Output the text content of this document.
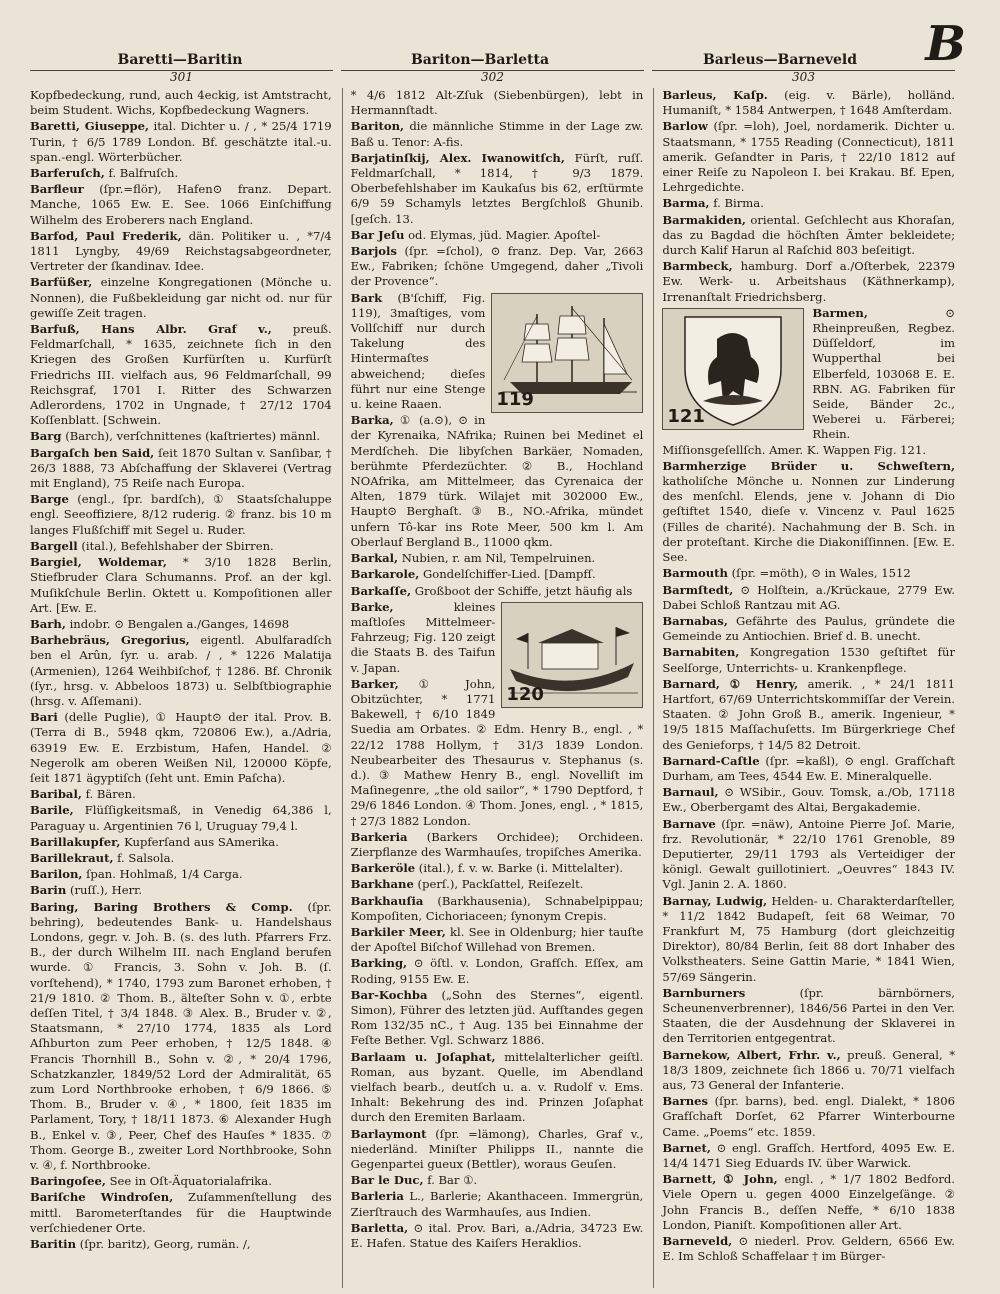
B
Baretti—Baritin	Bariton—Barletta	Barleus—Barneveld
301	302	303

Kopfbedeckung, rund, auch 4eckig, ist Amtstracht, beim Student. Wichs, Kopfbedeckung Wagners.

Baretti, Giuseppe, ital. Dichter u. / , * 25/4 1719 Turin, † 6/5 1789 London. Bf. geschätzte ital.-u. span.-engl. Wörterbücher.

Barferuſch, f. Balfruſch.

Barfleur (ſpr.=flör), Hafen⊙ franz. Depart. Manche, 1065 Ew. E. See. 1066 Einſchiffung Wilhelm des Eroberers nach England.

Barfod, Paul Frederik, dän. Politiker u. , *7/4 1811 Lyngby, 49/69 Reichstagsabgeordneter, Vertreter der ſkandinav. Idee.

Barfüßer, einzelne Kongregationen (Mönche u. Nonnen), die Fußbekleidung gar nicht od. nur für gewiſſe Zeit tragen.

Barfuß, Hans Albr. Graf v., preuß. Feldmarſchall, * 1635, zeichnete ſich in den Kriegen des Großen Kurfürſten u. Kurfürſt Friedrichs III. vielfach aus, 96 Feldmarſchall, 99 Reichsgraf, 1701 I. Ritter des Schwarzen Adlerordens, 1702 in Ungnade, † 27/12 1704 Koſſenblatt. [Schwein.

Barg (Barch), verſchnittenes (kaſtriertes) männl.

Bargaſch ben Said, ſeit 1870 Sultan v. Sanſibar, † 26/3 1888, 73 Abſchaffung der Sklaverei (Vertrag mit England), 75 Reiſe nach Europa.

Barge (engl., ſpr. bardſch), ① Staatsſchaluppe engl. Seeoffiziere, 8/12 ruderig. ② franz. bis 10 m langes Flußſchiff mit Segel u. Ruder.

Bargell (ital.), Befehlshaber der Sbirren.

Bargiel, Woldemar, * 3/10 1828 Berlin, Stiefbruder Clara Schumanns. Prof. an der kgl. Muſikſchule Berlin. Oktett u. Kompoſitionen aller Art. [Ew. E.

Barh, indobr. ⊙ Bengalen a./Ganges, 14698

Barhebräus, Gregorius, eigentl. Abulfaradſch ben el Arûn, ſyr. u. arab. / , * 1226 Malatija (Armenien), 1264 Weihbiſchof, † 1286. Bf. Chronik (ſyr., hrsg. v. Abbeloos 1873) u. Selbſtbiographie (hrsg. v. Aſſemani).

Bari (delle Puglie), ① Haupt⊙ der ital. Prov. B. (Terra di B., 5948 qkm, 720806 Ew.), a./Adria, 63919 Ew. E. Erzbistum, Hafen, Handel. ② Negerolk am oberen Weißen Nil, 120000 Köpfe, ſeit 1871 ägyptiſch (ſeht unt. Emin Paſcha).

Baribal, f. Bären.

Barile, Flüſſigkeitsmaß, in Venedig 64,386 l, Paraguay u. Argentinien 76 l, Uruguay 79,4 l.

Barillakupfer, Kupferſand aus SAmerika.

Barillekraut, f. Salsola.

Barilon, ſpan. Hohlmaß, 1/4 Carga.

Barin (ruſſ.), Herr.

Baring, Baring Brothers & Comp. (ſpr. behring), bedeutendes Bank- u. Handelshaus Londons, gegr. v. Joh. B. (s. des luth. Pfarrers Frz. B., der durch Wilhelm III. nach England berufen wurde. ① Francis, 3. Sohn v. Joh. B. (ſ. vorſtehend), * 1740, 1793 zum Baronet erhoben, † 21/9 1810. ② Thom. B., älteſter Sohn v. ①, erbte deſſen Titel, † 3/4 1848. ③ Alex. B., Bruder v. ②, Staatsmann, * 27/10 1774, 1835 als Lord Aſhburton zum Peer erhoben, † 12/5 1848. ④ Francis Thornhill B., Sohn v. ②, * 20/4 1796, Schatzkanzler, 1849/52 Lord der Admiralität, 65 zum Lord Northbrooke erhoben, † 6/9 1866. ⑤ Thom. B., Bruder v. ④, * 1800, ſeit 1835 im Parlament, Tory, † 18/11 1873. ⑥ Alexander Hugh B., Enkel v. ③, Peer, Chef des Hauſes * 1835. ⑦ Thom. George B., zweiter Lord Northbrooke, Sohn v. ④, f. Northbrooke.

Baringoſee, See in Oſt-Äquatorialafrika.

Bariſche Windroſen, Zuſammenſtellung des mittl. Barometerſtandes für die Hauptwinde verſchiedener Orte.

Baritin (ſpr. baritz), Georg, rumän. /,

* 4/6 1812 Alt-Zſuk (Siebenbürgen), lebt in Hermannſtadt.

Bariton, die männliche Stimme in der Lage zw. Baß u. Tenor: A-fis.

Barjatinſkij, Alex. Iwanowitſch, Fürſt, ruſſ. Feldmarſchall, * 1814, † 9/3 1879. Oberbefehlshaber im Kaukaſus bis 62, erſtürmte 6/9 59 Schamyls letztes Bergſchloß Ghunib. [geſch. 13.

Bar Jeſu od. Elymas, jüd. Magier. Apoſtel-

Barjols (ſpr. =ſchol), ⊙ franz. Dep. Var, 2663 Ew., Fabriken; ſchöne Umgegend, daher „Tivoli der Provence“.

119

Bark (B'ſchiff, Fig. 119), 3maſtiges, vom Vollſchiff nur durch Takelung des Hintermaſtes abweichend; dieſes führt nur eine Stenge u. keine Raaen.

Barka, ① (a.⊙), ⊙ in der Kyrenaika, NAfrika; Ruinen bei Medinet el Merdſcheh. Die libyſchen Barkäer, Nomaden, berühmte Pferdezüchter. ② B., Hochland NOAfrika, am Mittelmeer, das Cyrenaica der Alten, 1879 türk. Wilajet mit 302000 Ew., Haupt⊙ Berghaſt. ③ B., NO.-Afrika, mündet unfern Tô-kar ins Rote Meer, 500 km l. Am Oberlauf Bergland B., 11000 qkm.

Barkal, Nubien, r. am Nil, Tempelruinen.

Barkarole, Gondelſchiffer-Lied. [Dampfſ.

Barkaſſe, Großboot der Schiffe, jetzt häufig als

120

Barke,	kleines maſtloſes Mittelmeer-Fahrzeug; Fig. 120 zeigt die Staats B. des Taifun v. Japan.

Barker, ① John, Obitzüchter, * 1771 Bakewell, † 6/10 1849 Suedia am Orbates. ② Edm. Henry B., engl. , * 22/12 1788 Hollym, † 31/3 1839 London. Neubearbeiter des Thesaurus v. Stephanus (s. d.). ③ Mathew Henry B., engl. Novelliſt im Maſinegenre, „the old sailor“, * 1790 Deptford, † 29/6 1846 London. ④ Thom. Jones, engl. , * 1815, † 27/3 1882 London.

Barkeria (Barkers Orchidee); Orchideen. Zierpflanze des Warmhauſes, tropiſches Amerika.

Barkeröle (ital.), f. v. w. Barke (i. Mittelalter).

Barkhane (perſ.), Packſattel, Reiſezelt.

Barkhauſia (Barkhausenia), Schnabelpippau; Kompoſiten, Cichoriaceen; ſynonym Crepis.

Barkiler Meer, kl. See in Oldenburg; hier tauſte der Apoſtel Biſchof Willehad von Bremen.

Barking, ⊙ öſtl. v. London, Grafſch. Eſſex, am Roding, 9155 Ew. E.

Bar-Kochba („Sohn des Sternes“, eigentl. Simon), Führer des letzten jüd. Aufſtandes gegen Rom 132/35 nC., † Aug. 135 bei Einnahme der Feſte Bether. Vgl. Schwarz 1886.

Barlaam u. Joſaphat, mittelalterlicher geiſtl. Roman, aus byzant. Quelle, im Abendland vielfach bearb., deutſch u. a. v. Rudolf v. Ems. Inhalt: Bekehrung des ind. Prinzen Joſaphat durch den Eremiten Barlaam.

Barlaymont (ſpr. =lämong), Charles, Graf v., niederländ. Miniſter Philipps II., nannte die Gegenpartei gueux (Bettler), woraus Geuſen.

Bar le Duc, f. Bar ①.

Barleria L., Barlerie; Akanthaceen. Immergrün, Zierſtrauch des Warmhauſes, aus Indien.

Barletta, ⊙ ital. Prov. Bari, a./Adria, 34723 Ew. E. Hafen. Statue des Kaiſers Heraklios.

Barleus, Kaſp. (eig. v. Bärle), holländ. Humaniſt, * 1584 Antwerpen, † 1648 Amſterdam.

Barlow (ſpr. =loh), Joel, nordamerik. Dichter u. Staatsmann, * 1755 Reading (Connecticut), 1811 amerik. Geſandter in Paris, † 22/10 1812 auf einer Reiſe zu Napoleon I. bei Krakau. Bf. Epen, Lehrgedichte.

Barma, f. Birma.

Barmakiden, oriental. Geſchlecht aus Khoraſan, das zu Bagdad die höchſten Ämter bekleidete; durch Kalif Harun al Raſchid 803 beſeitigt.

Barmbeck, hamburg. Dorf a./Oſterbek, 22379 Ew. Werk- u. Arbeitshaus (Käthnerkamp), Irrenanſtalt Friedrichsberg.

121

Barmen,	⊙ Rheinpreußen, Regbez. Düſſeldorf, im Wupperthal bei Elberfeld, 103068 E. E. RBN. AG. Fabriken für Seide, Bänder 2c., Weberei u. Färberei; Rhein. Miſſionsgeſellſch. Amer. K. Wappen Fig. 121.

Barmherzige Brüder u. Schweſtern, katholiſche Mönche u. Nonnen zur Linderung des menſchl. Elends, jene v. Johann di Dio geſtiftet 1540, dieſe v. Vincenz v. Paul 1625 (Filles de charité). Nachahmung der B. Sch. in der proteſtant. Kirche die Diakoniſſinnen. [Ew. E. See.

Barmouth (ſpr. =möth), ⊙ in Wales, 1512

Barmſtedt, ⊙ Holſtein, a./Krückaue, 2779 Ew. Dabei Schloß Rantzau mit AG.

Barnabas, Gefährte des Paulus, gründete die Gemeinde zu Antiochien. Brief d. B. unecht.

Barnabiten, Kongregation 1530 geſtiftet für Seelſorge, Unterrichts- u. Krankenpflege.

Barnard, ① Henry, amerik. , * 24/1 1811 Hartfort, 67/69 Unterrichtskommiſſar der Verein. Staaten. ② John Groß B., amerik. Ingenieur, * 19/5 1815 Maſſachuſetts. Im Bürgerkriege Chef des Genieforps, † 14/5 82 Detroit.

Barnard-Caſtle (ſpr. =kaßl), ⊙ engl. Grafſchaft Durham, am Tees, 4544 Ew. E. Mineralquelle.

Barnaul, ⊙ WSibir., Gouv. Tomsk, a./Ob, 17118 Ew., Oberbergamt des Altai, Bergakademie.

Barnave (ſpr. =näw), Antoine Pierre Joſ. Marie, frz. Revolutionär, * 22/10 1761 Grenoble, 89 Deputierter, 29/11 1793 als Verteidiger der königl. Gewalt guillotiniert. „Oeuvres“ 1843 IV. Vgl. Janin 2. A. 1860.

Barnay, Ludwig, Helden- u. Charakterdarſteller, * 11/2 1842 Budapeſt, ſeit 68 Weimar, 70 Frankfurt M, 75 Hamburg (dort gleichzeitig Direktor), 80/84 Berlin, ſeit 88 dort Inhaber des Volkstheaters. Seine Gattin Marie, * 1841 Wien, 57/69 Sängerin.

Barnburners	(ſpr. bärnbörners, Scheunenverbrenner), 1846/56 Partei in den Ver. Staaten, die der Ausdehnung der Sklaverei in den Territorien entgegentrat.

Barnekow, Albert, Frhr. v., preuß. General, * 18/3 1809, zeichnete ſich 1866 u. 70/71 vielfach aus, 73 General der Infanterie.

Barnes (ſpr. barns), bed. engl. Dialekt, * 1806 Grafſchaft Dorſet, 62 Pfarrer Winterbourne Came. „Poems“ etc. 1859.

Barnet, ⊙ engl. Grafſch. Hertford, 4095 Ew. E. 14/4 1471 Sieg Eduards IV. über Warwick.

Barnett, ① John, engl. , * 1/7 1802 Bedford. Viele Opern u. gegen 4000 Einzelgeſänge. ② John Francis B., deſſen Neffe, * 6/10 1838 London, Pianiſt. Kompoſitionen aller Art.

Barneveld, ⊙ niederl. Prov. Geldern, 6566 Ew. E. Im Schloß Schaffelaar † im Bürger-
